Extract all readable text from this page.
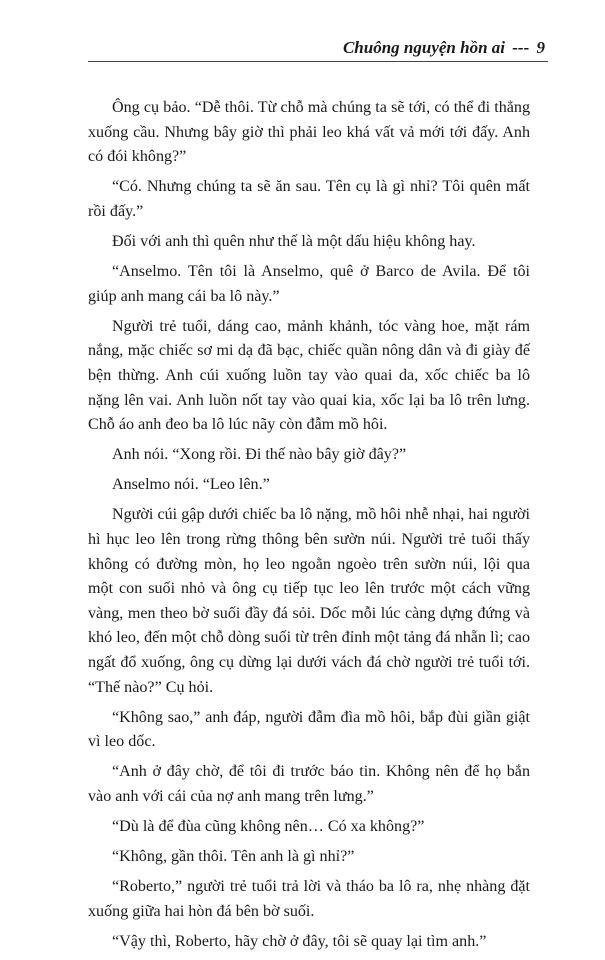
Chuông nguyện hồn ai --- 9

Ông cụ bảo. “Dễ thôi. Từ chỗ mà chúng ta sẽ tới, có thể đi thẳng xuống cầu. Nhưng bây giờ thì phải leo khá vất vả mới tới đấy. Anh có đói không?”

“Có. Nhưng chúng ta sẽ ăn sau. Tên cụ là gì nhỉ? Tôi quên mất rồi đấy.”

Đối với anh thì quên như thế là một dấu hiệu không hay.

“Anselmo. Tên tôi là Anselmo, quê ở Barco de Avila. Để tôi giúp anh mang cái ba lô này.”

Người trẻ tuổi, dáng cao, mảnh khảnh, tóc vàng hoe, mặt rám nắng, mặc chiếc sơ mi dạ đã bạc, chiếc quần nông dân và đi giày đế bện thừng. Anh cúi xuống luồn tay vào quai da, xốc chiếc ba lô nặng lên vai. Anh luồn nốt tay vào quai kia, xốc lại ba lô trên lưng. Chỗ áo anh đeo ba lô lúc nãy còn đẫm mồ hôi.

Anh nói. “Xong rồi. Đi thế nào bây giờ đây?”

Anselmo nói. “Leo lên.”

Người cúi gập dưới chiếc ba lô nặng, mồ hôi nhễ nhại, hai người hì hục leo lên trong rừng thông bên sườn núi. Người trẻ tuổi thấy không có đường mòn, họ leo ngoằn ngoèo trên sườn núi, lội qua một con suối nhỏ và ông cụ tiếp tục leo lên trước một cách vững vàng, men theo bờ suối đầy đá sỏi. Dốc mỗi lúc càng dựng đứng và khó leo, đến một chỗ dòng suối từ trên đỉnh một tảng đá nhẵn lì; cao ngất đổ xuống, ông cụ dừng lại dưới vách đá chờ người trẻ tuổi tới. “Thế nào?” Cụ hỏi.

“Không sao,” anh đáp, người đẫm đìa mồ hôi, bắp đùi giần giật vì leo dốc.

“Anh ở đây chờ, để tôi đi trước báo tin. Không nên để họ bắn vào anh với cái của nợ anh mang trên lưng.”

“Dù là để đùa cũng không nên… Có xa không?”

“Không, gần thôi. Tên anh là gì nhỉ?”

“Roberto,” người trẻ tuổi trả lời và tháo ba lô ra, nhẹ nhàng đặt xuống giữa hai hòn đá bên bờ suối.

“Vậy thì, Roberto, hãy chờ ở đây, tôi sẽ quay lại tìm anh.”
